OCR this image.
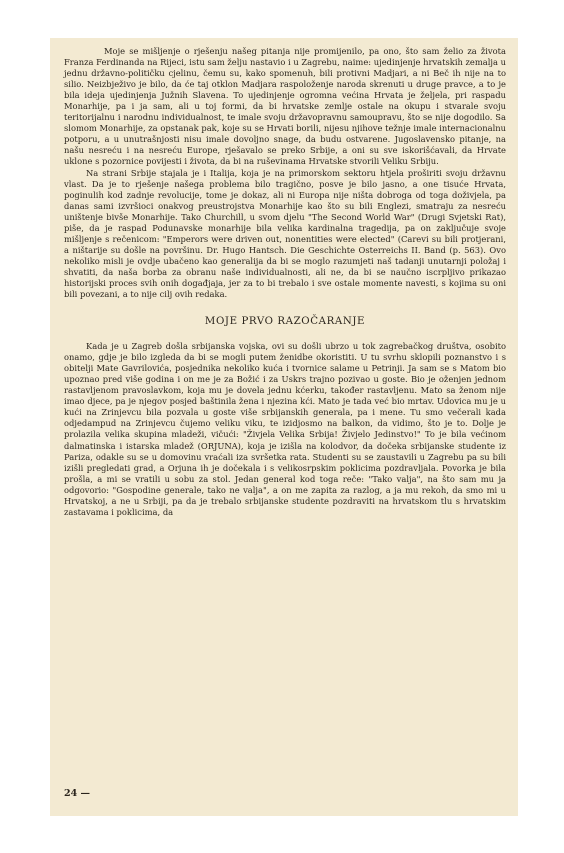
Moje se mišljenje o rješenju našeg pitanja nije promijenilo, pa ono, što sam želio za života Franza Ferdinanda na Rijeci, istu sam želju nastavio i u Zagrebu, naime: ujedinjenje hrvatskih zemalja u jednu državno-političku cjelinu, čemu su, kako spomenuh, bili protivni Madjari, a ni Beč ih nije na to silio. Neizbježivo je bilo, da će taj otklon Madjara raspoloženje naroda skrenuti u druge pravce, a to je bila ideja ujedinjenja Južnih Slavena. To ujedinjenje ogromna većina Hrvata je željela, pri raspadu Monarhije, pa i ja sam, ali u toj formi, da bi hrvatske zemlje ostale na okupu i stvarale svoju teritorijalnu i narodnu individualnost, te imale svoju državopravnu samoupravu, što se nije dogodilo. Sa slomom Monarhije, za opstanak pak, koje su se Hrvati borili, nijesu njihove težnje imale internacionalnu potporu, a u unutrašnjosti nisu imale dovoljno snage, da budu ostvarene. Jugoslavensko pitanje, na našu nesreću i na nesreću Europe, rješavalo se preko Srbije, a oni su sve iskorišćavali, da Hrvate uklone s pozornice povijesti i života, da bi na ruševinama Hrvatske stvorili Veliku Srbiju.

Na strani Srbije stajala je i Italija, koja je na primorskom sektoru htjela proširiti svoju državnu vlast. Da je to rješenje našega problema bilo tragično, posve je bilo jasno, a one tisuće Hrvata, poginulih kod zadnje revolucije, tome je dokaz, ali ni Europa nije ništa dobroga od toga doživjela, pa danas sami izvršioci onakvog preustrojstva Monarhije kao što su bili Englezi, smatraju za nesreću uništenje bivše Monarhije. Tako Churchill, u svom djelu "The Second World War" (Drugi Svjetski Rat), piše, da je raspad Podunavske monarhije bila velika kardinalna tragedija, pa on zaključuje svoje mišljenje s rečenicom: "Emperors were driven out, nonentities were elected" (Carevi su bili protjerani, a ništarije su došle na površinu. Dr. Hugo Hantsch. Die Geschichte Osterreichs II. Band (p. 563). Ovo nekoliko misli je ovdje ubačeno kao generalija da bi se moglo razumjeti naš tadanji unutarnji položaj i shvatiti, da naša borba za obranu naše individualnosti, ali ne, da bi se naučno iscrpljivo prikazao historijski proces svih onih događjaja, jer za to bi trebalo i sve ostale momente navesti, s kojima su oni bili povezani, a to nije cilj ovih redaka.

MOJE PRVO RAZOČARANJE

Kada je u Zagreb došla srbijanska vojska, ovi su došli ubrzo u tok zagrebačkog društva, osobito onamo, gdje je bilo izgleda da bi se mogli putem ženidbe okoristiti. U tu svrhu sklopili poznanstvo i s obitelji Mate Gavrilovića, posjednika nekoliko kuća i tvornice salame u Petrinji. Ja sam se s Matom bio upoznao pred više godina i on me je za Božić i za Uskrs trajno pozivao u goste. Bio je oženjen jednom rastavljenom pravoslavkom, koja mu je dovela jednu kćerku, također rastavljenu. Mato sa ženom nije imao djece, pa je njegov posjed baštinila žena i njezina kći. Mato je tada već bio mrtav. Udovica mu je u kući na Zrinjevcu bila pozvala u goste više srbijanskih generala, pa i mene. Tu smo večerali kada odjedampud na Zrinjevcu čujemo veliku viku, te izidjosmo na balkon, da vidimo, što je to. Dolje je prolazila velika skupina mladeži, vičući: "Živjela Velika Srbija! Živjelo Jedinstvo!" To je bila većinom dalmatinska i istarska mladež (ORJUNA), koja je izišla na kolodvor, da dočeka srbijanske studente iz Pariza, odakle su se u domovinu vraćali iza svršetka rata. Studenti su se zaustavili u Zagrebu pa su bili izišli pregledati grad, a Orjuna ih je dočekala i s velikosrpskim poklicima pozdravljala. Povorka je bila prošla, a mi se vratili u sobu za stol. Jedan general kod toga reče: "Tako valja", na što sam mu ja odgovorio: "Gospodine generale, tako ne valja", a on me zapita za razlog, a ja mu rekoh, da smo mi u Hrvatskoj, a ne u Srbiji, pa da je trebalo srbijanske studente pozdraviti na hrvatskom tlu s hrvatskim zastavama i poklicima, da

24 —
